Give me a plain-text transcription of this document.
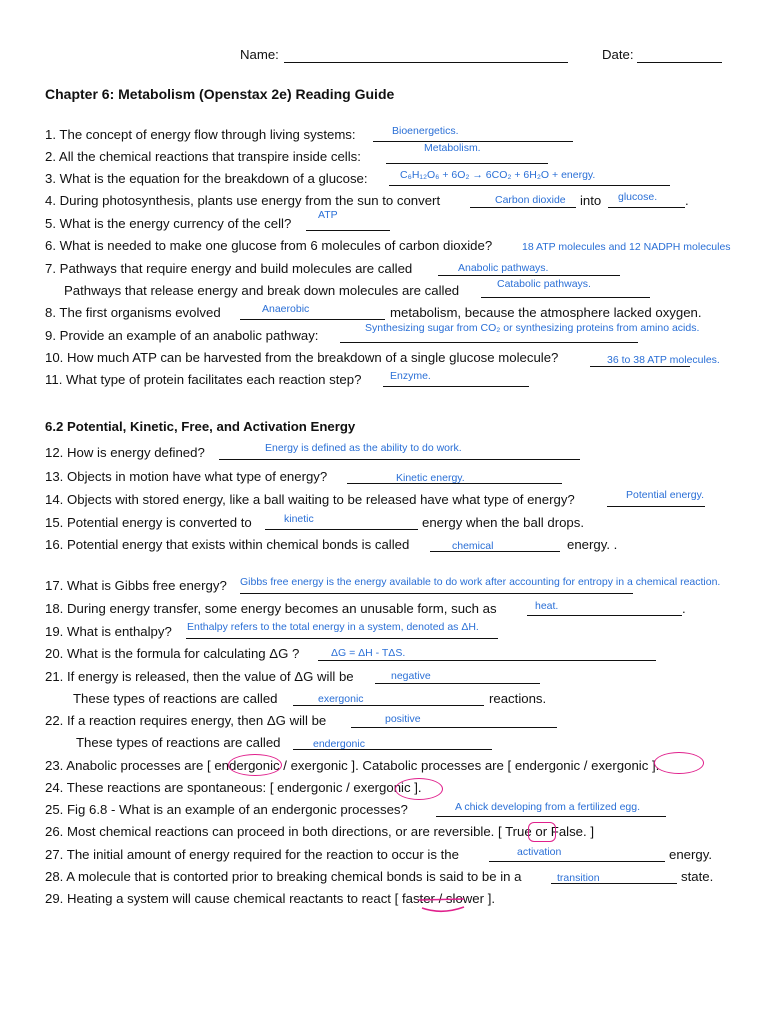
Name:	Date:
Chapter 6: Metabolism (Openstax 2e) Reading Guide
1. The concept of energy flow through living systems:	Bioenergetics.
2. All the chemical reactions that transpire inside cells:
Metabolism.
3. What is the equation for the breakdown of a glucose:	C₆H₁₂O₆ + 6O₂ → 6CO₂ + 6H₂O + energy.
4. During photosynthesis, plants use energy from the sun to convert	Carbon dioxide into	.
glucose.
5. What is the energy currency of the cell?
ATP
6. What is needed to make one glucose from 6 molecules of carbon dioxide?	18 ATP molecules and 12 NADPH molecules
7. Pathways that require energy and build molecules are called	Anabolic pathways.
Pathways that release energy and break down molecules are called	Catabolic pathways.
8. The first organisms evolved	Anaerobic	metabolism, because the atmosphere lacked oxygen.
9. Provide an example of an anabolic pathway:	Synthesizing sugar from CO₂ or synthesizing proteins from amino acids.
10. How much ATP can be harvested from the breakdown of a single glucose molecule?	36 to 38 ATP molecules.
11. What type of protein facilitates each reaction step?	Enzyme.
6.2 Potential, Kinetic, Free, and Activation Energy
12. How is energy defined?	Energy is defined as the ability to do work.
13. Objects in motion have what type of energy?	Kinetic energy.
14. Objects with stored energy, like a ball waiting to be released have what type of energy?	Potential energy.
15. Potential energy is converted to	kinetic	energy when the ball drops.
16. Potential energy that exists within chemical bonds is called	chemical	energy. .
17. What is Gibbs free energy? Gibbs free energy is the energy available to do work after accounting for entropy in a chemical reaction.
18. During energy transfer, some energy becomes an unusable form, such as	.
heat.
19. What is enthalpy? Enthalpy refers to the total energy in a system, denoted as ΔH.
20. What is the formula for calculating ΔG ?	ΔG = ΔH - TΔS.
21. If energy is released, then the value of ΔG will be	negative
These types of reactions are called	exergonic	reactions.
22. If a reaction requires energy, then ΔG will be	positive
These types of reactions are called	endergonic
23. Anabolic processes are [ endergonic / exergonic ]. Catabolic processes are [ endergonic / exergonic ].
24. These reactions are spontaneous: [ endergonic / exergonic ].
25. Fig 6.8 - What is an example of an endergonic processes?	A chick developing from a fertilized egg.
26. Most chemical reactions can proceed in both directions, or are reversible. [ True or False. ]
27. The initial amount of energy required for the reaction to occur is the	activation	energy.
28. A molecule that is contorted prior to breaking chemical bonds is said to be in a	transition	state.
29. Heating a system will cause chemical reactants to react [ faster / slower ].
